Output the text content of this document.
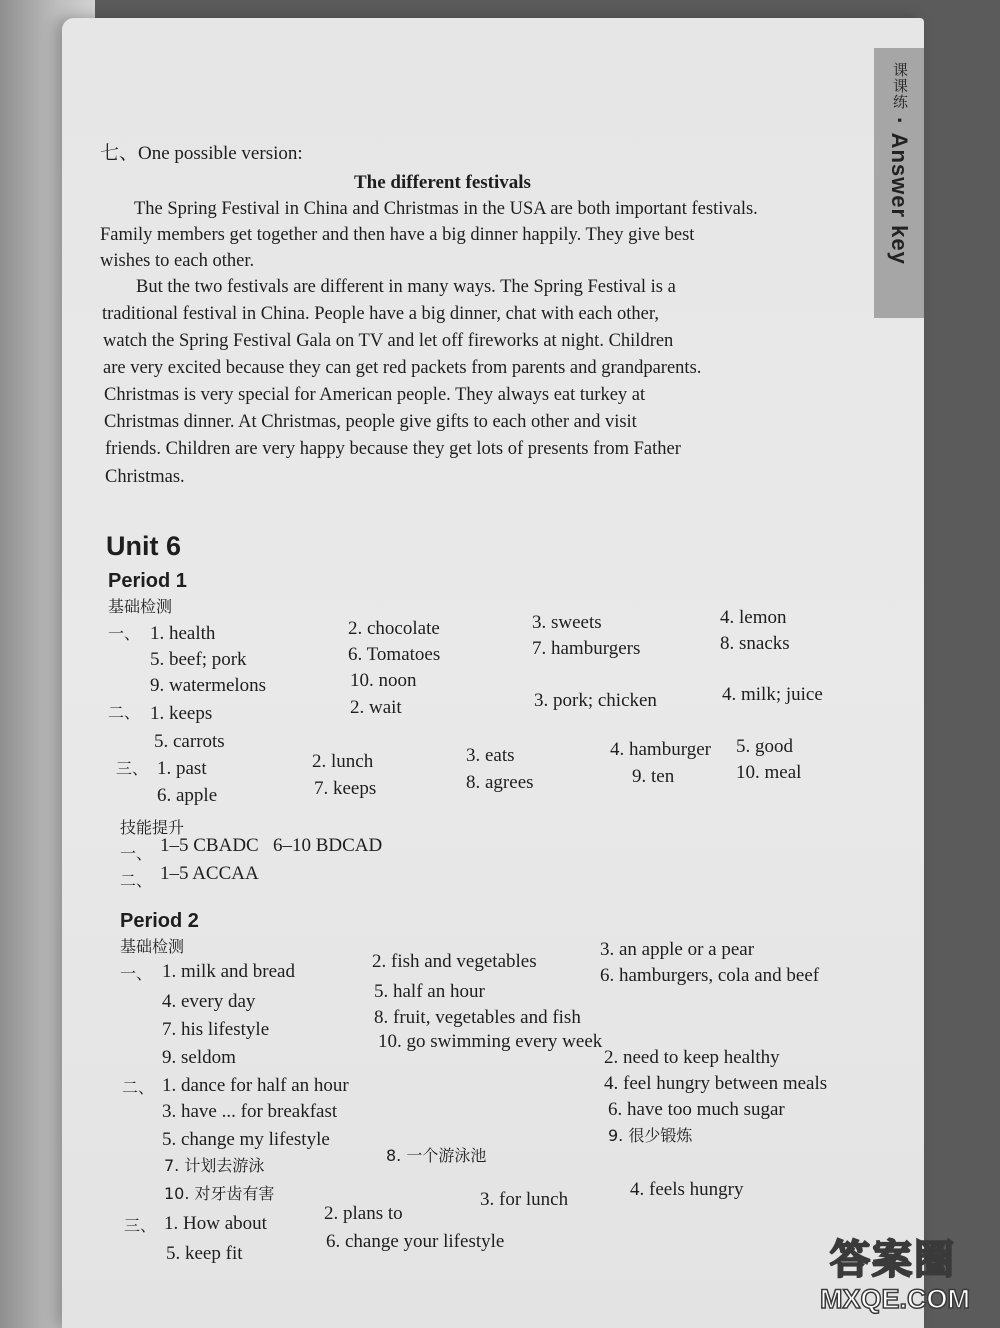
课课练 · Answer key
七、One possible version:
The different festivals
The Spring Festival in China and Christmas in the USA are both important festivals.
Family members get together and then have a big dinner happily. They give best
wishes to each other.
But the two festivals are different in many ways. The Spring Festival is a
traditional festival in China. People have a big dinner, chat with each other,
watch the Spring Festival Gala on TV and let off fireworks at night. Children
are very excited because they can get red packets from parents and grandparents.
Christmas is very special for American people. They always eat turkey at
Christmas dinner. At Christmas, people give gifts to each other and visit
friends. Children are very happy because they get lots of presents from Father
Christmas.
Unit 6
Period 1
基础检测
一、 1. health	2. chocolate	3. sweets	4. lemon
5. beef; pork	6. Tomatoes	7. hamburgers	8. snacks
9. watermelons	10. noon
二、 1. keeps	2. wait	3. pork; chicken	4. milk; juice
5. carrots
三、 1. past	2. lunch	3. eats	4. hamburger 5. good
6. apple	7. keeps	8. agrees	9. ten	10. meal
技能提升
一、 1–5 CBADC   6–10 BDCAD
二、 1–5 ACCAA
Period 2
基础检测
一、 1. milk and bread	2. fish and vegetables
3. an apple or a pear
4. every day	5. half an hour
6. hamburgers, cola and beef
7. his lifestyle
8. fruit, vegetables and fish
9. seldom
10. go swimming every week
二、 1. dance for half an hour
2. need to keep healthy
3. have ... for breakfast
4. feel hungry between meals
5. change my lifestyle
6. have too much sugar
7. 计划去游泳
8. 一个游泳池
9. 很少锻炼
10. 对牙齿有害
三、 1. How about	2. plans to
3. for lunch	4. feels hungry
5. keep fit
6. change your lifestyle	答案圈
MXQE.COM
